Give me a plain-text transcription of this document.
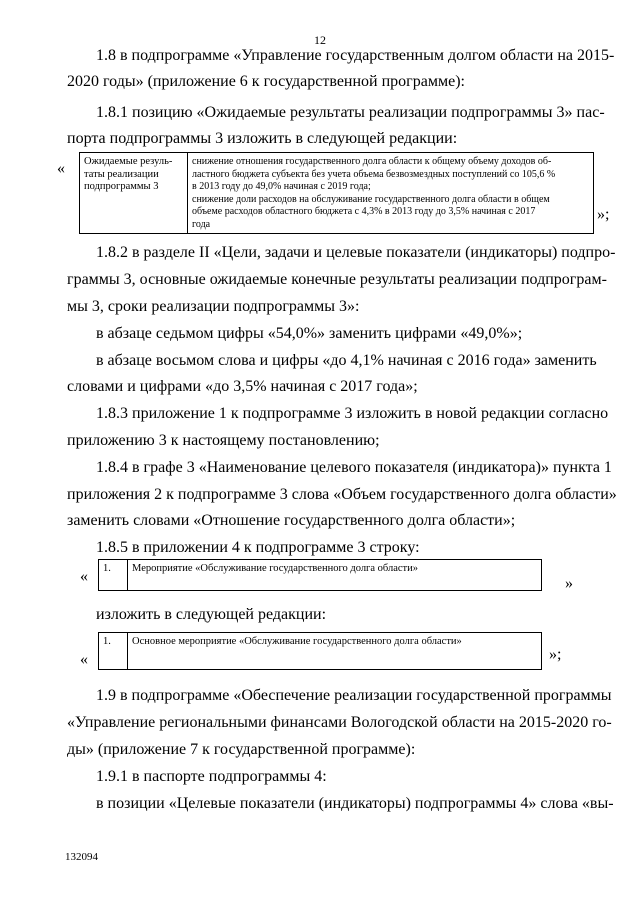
12
1.8 в подпрограмме «Управление государственным долгом области на 2015-
2020 годы» (приложение 6 к государственной программе):
1.8.1 позицию «Ожидаемые результаты реализации подпрограммы 3» пас-
порта подпрограммы 3 изложить в следующей редакции:
« Ожидаемые резуль-
таты реализации
подпрограммы 3
снижение отношения государственного долга области к общему объему доходов об-
ластного бюджета субъекта без учета объема безвозмездных поступлений со 105,6 %
в 2013 году до 49,0% начиная с 2019 года;
снижение доли расходов на обслуживание государственного долга области в общем
объеме расходов областного бюджета с 4,3% в 2013 году до 3,5% начиная с 2017
года
»;
1.8.2 в разделе II «Цели, задачи и целевые показатели (индикаторы) подпро-
граммы 3, основные ожидаемые конечные результаты реализации подпрограм-
мы 3, сроки реализации подпрограммы 3»:
в абзаце седьмом цифры «54,0%» заменить цифрами «49,0%»;
в абзаце восьмом слова и цифры «до 4,1% начиная с 2016 года» заменить
словами и цифрами «до 3,5% начиная с 2017 года»;
1.8.3 приложение 1 к подпрограмме 3 изложить в новой редакции согласно
приложению 3 к настоящему постановлению;
1.8.4 в графе 3 «Наименование целевого показателя (индикатора)» пункта 1
приложения 2 к подпрограмме 3 слова «Объем государственного долга области»
заменить словами «Отношение государственного долга области»;
1.8.5 в приложении 4 к подпрограмме 3 строку:
« 1. Мероприятие «Обслуживание государственного долга области»
»
изложить в следующей редакции:
«
1. Основное мероприятие «Обслуживание государственного долга области»
»;
1.9 в подпрограмме «Обеспечение реализации государственной программы
«Управление региональными финансами Вологодской области на 2015-2020 го-
ды» (приложение 7 к государственной программе):
1.9.1 в паспорте подпрограммы 4:
в позиции «Целевые показатели (индикаторы) подпрограммы 4» слова «вы-
132094
